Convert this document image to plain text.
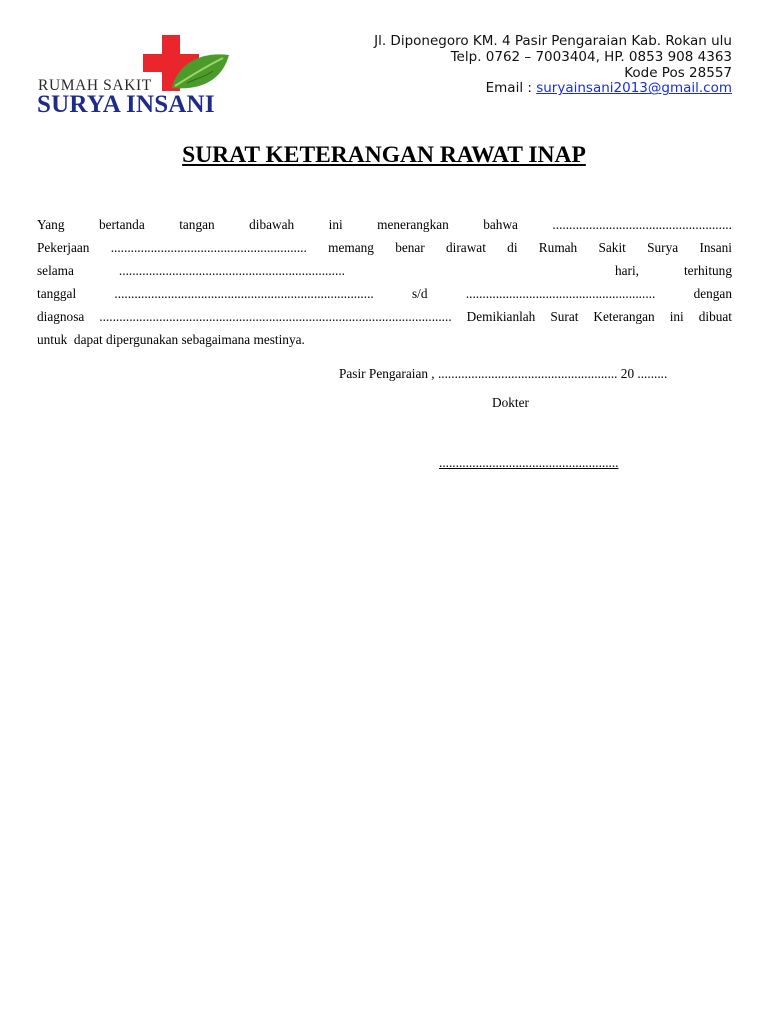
RUMAH SAKIT
SURYA INSANI
Jl. Diponegoro KM. 4 Pasir Pengaraian Kab. Rokan ulu
Telp. 0762 – 7003404, HP. 0853 908 4363
Kode Pos 28557
Email : suryainsani2013@gmail.com
SURAT KETERANGAN RAWAT INAP
Yang	bertanda	tangan	dibawah	ini	menerangkan	bahwa	......................................................
Pekerjaan ........................................................... memang benar dirawat di Rumah Sakit Surya Insani
selama	....................................................................	hari,	terhitung
tanggal	..............................................................................	s/d	.........................................................	dengan
diagnosa .......................................................................................................... Demikianlah Surat Keterangan ini dibuat
untuk  dapat dipergunakan sebagaimana mestinya.
Pasir Pengaraian , ...................................................... 20 .........
Dokter
......................................................
